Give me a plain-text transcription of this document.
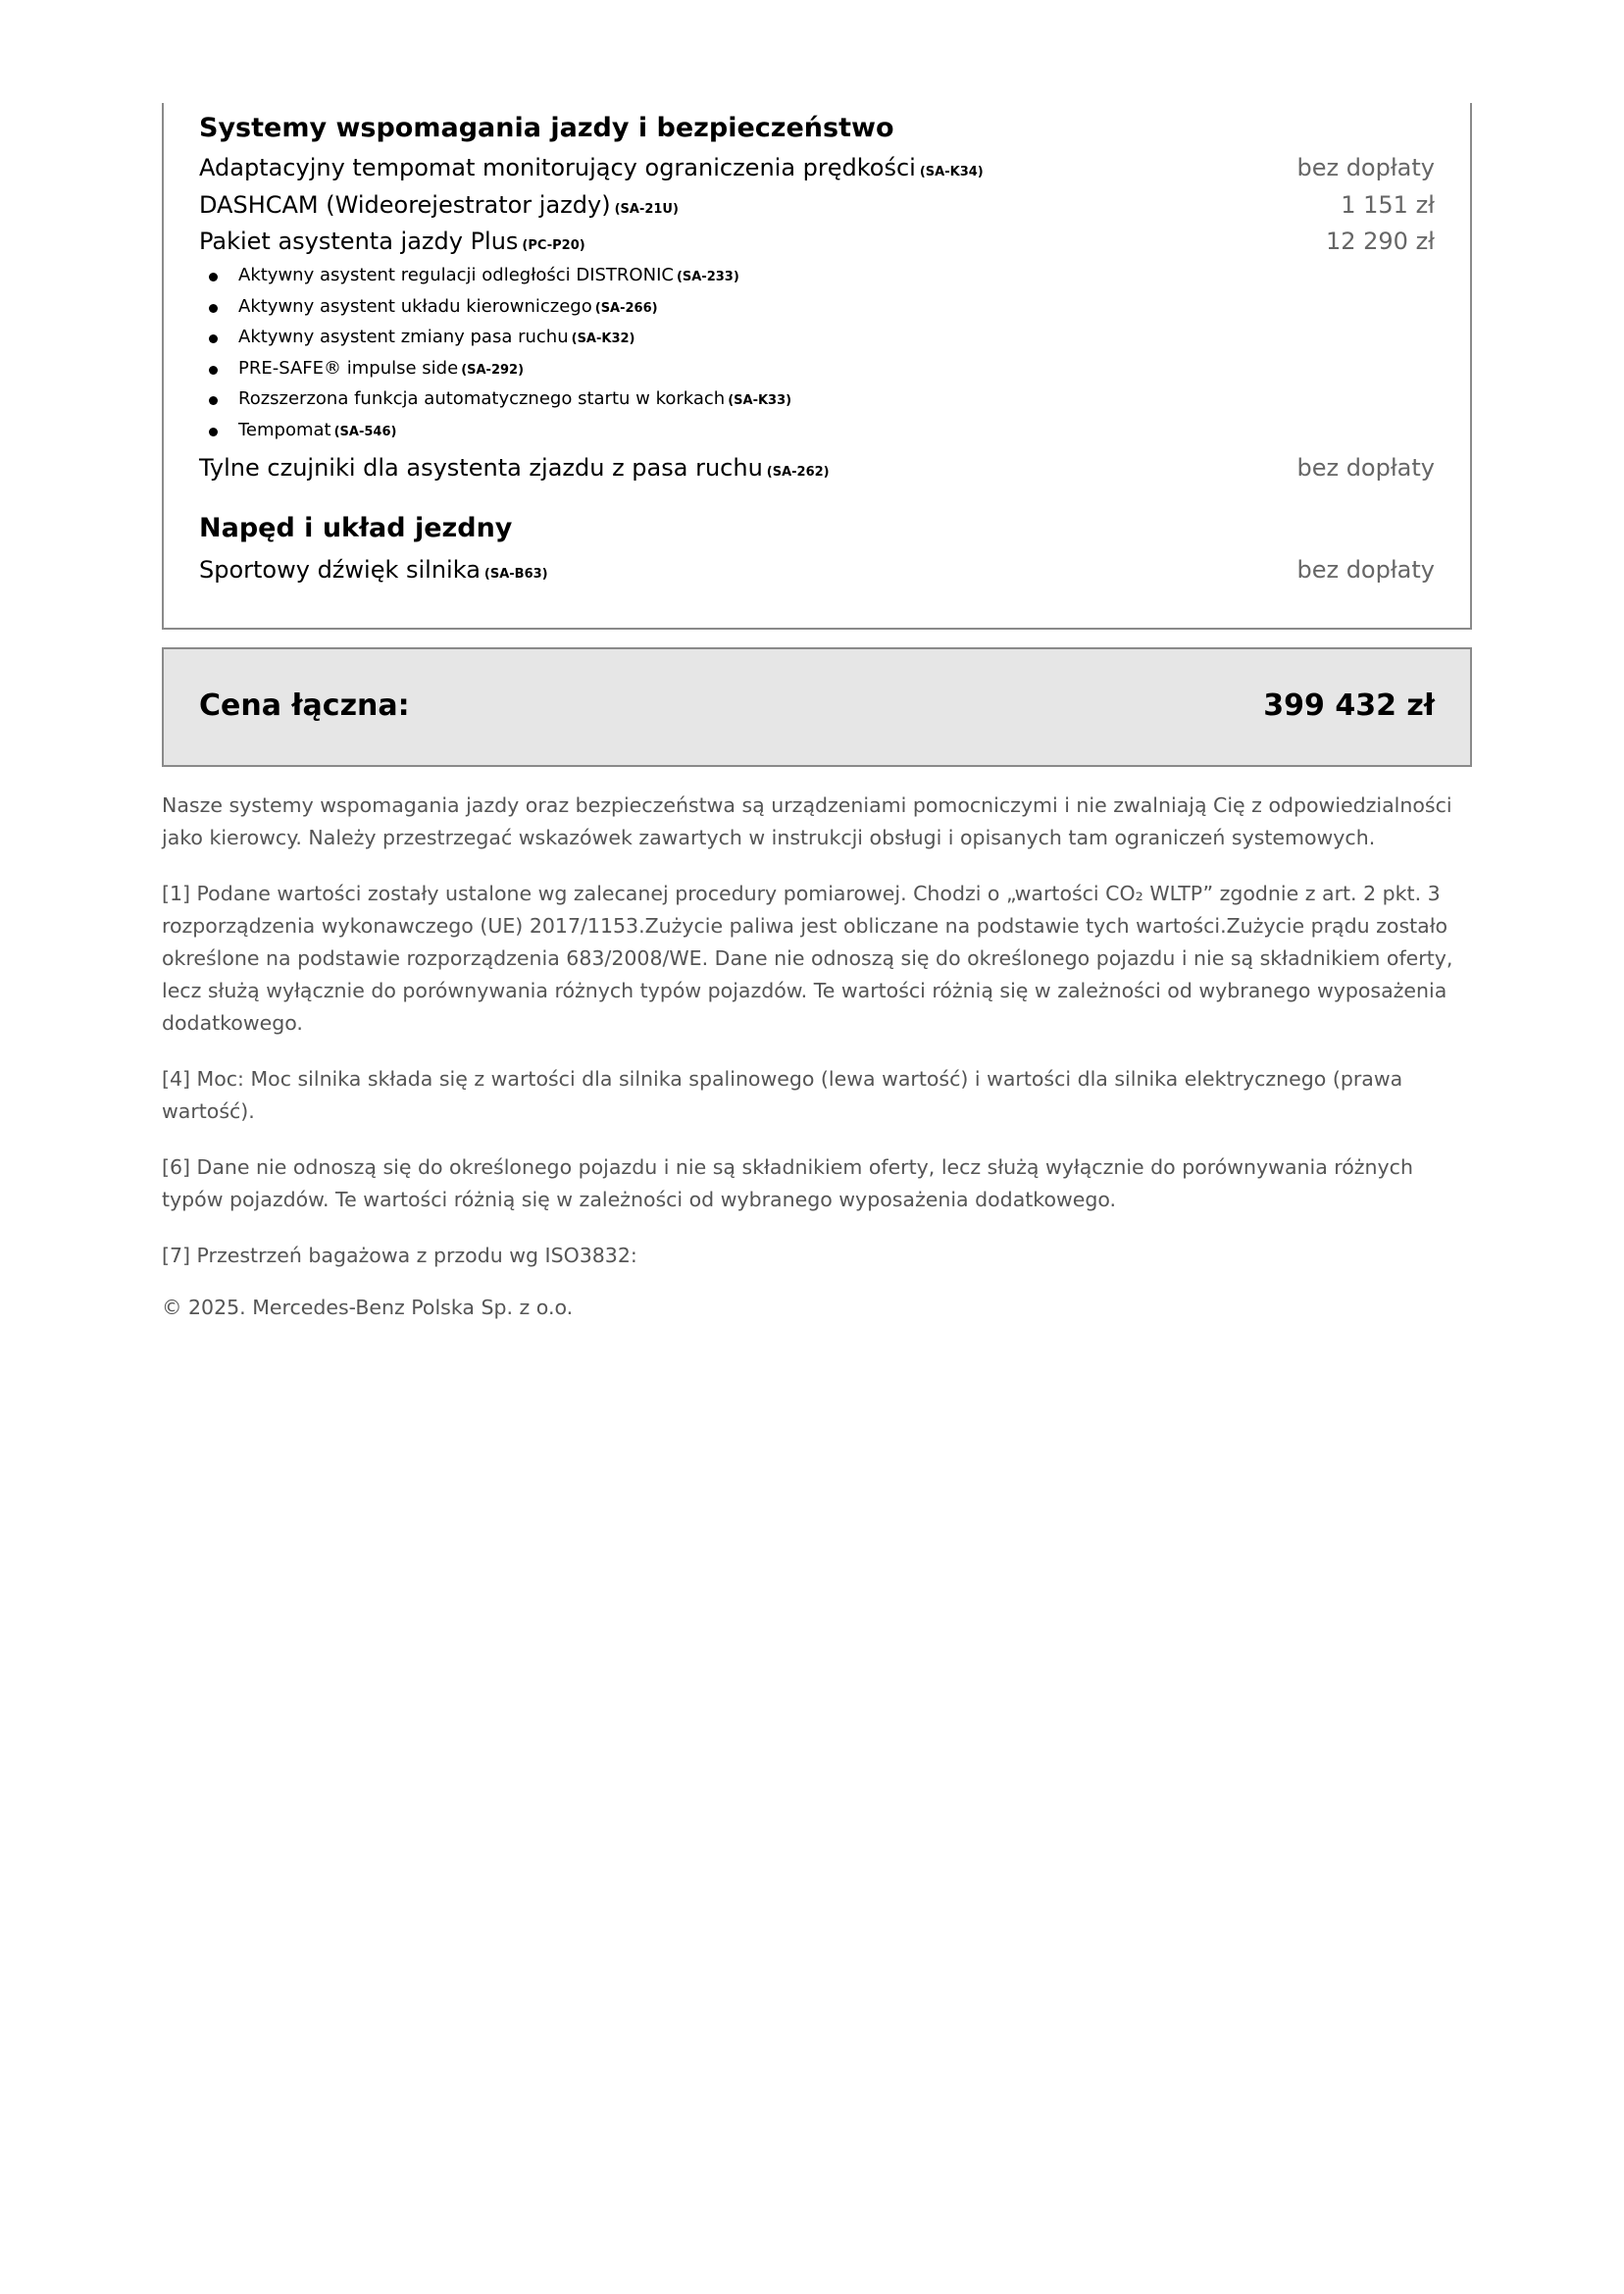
Systemy wspomagania jazdy i bezpieczeństwo
Adaptacyjny tempomat monitorujący ograniczenia prędkości (SA-K34)	bez dopłaty
DASHCAM (Wideorejestrator jazdy) (SA-21U)	1 151 zł
Pakiet asystenta jazdy Plus (PC-P20)	12 290 zł
Aktywny asystent regulacji odległości DISTRONIC (SA-233)
Aktywny asystent układu kierowniczego (SA-266)
Aktywny asystent zmiany pasa ruchu (SA-K32)
PRE-SAFE® impulse side (SA-292)
Rozszerzona funkcja automatycznego startu w korkach (SA-K33)
Tempomat (SA-546)
Tylne czujniki dla asystenta zjazdu z pasa ruchu (SA-262)	bez dopłaty
Napęd i układ jezdny
Sportowy dźwięk silnika (SA-B63)	bez dopłaty
Cena łączna:	399 432 zł

Nasze systemy wspomagania jazdy oraz bezpieczeństwa są urządzeniami pomocniczymi i nie zwalniają Cię z odpowiedzialności jako kierowcy. Należy przestrzegać wskazówek zawartych w instrukcji obsługi i opisanych tam ograniczeń systemowych.

[1] Podane wartości zostały ustalone wg zalecanej procedury pomiarowej. Chodzi o „wartości CO₂ WLTP” zgodnie z art. 2 pkt. 3 rozporządzenia wykonawczego (UE) 2017/1153.Zużycie paliwa jest obliczane na podstawie tych wartości.Zużycie prądu zostało określone na podstawie rozporządzenia 683/2008/WE. Dane nie odnoszą się do określonego pojazdu i nie są składnikiem oferty, lecz służą wyłącznie do porównywania różnych typów pojazdów. Te wartości różnią się w zależności od wybranego wyposażenia dodatkowego.

[4] Moc: Moc silnika składa się z wartości dla silnika spalinowego (lewa wartość) i wartości dla silnika elektrycznego (prawa wartość).

[6] Dane nie odnoszą się do określonego pojazdu i nie są składnikiem oferty, lecz służą wyłącznie do porównywania różnych typów pojazdów. Te wartości różnią się w zależności od wybranego wyposażenia dodatkowego.

[7] Przestrzeń bagażowa z przodu wg ISO3832:

© 2025. Mercedes-Benz Polska Sp. z o.o.
